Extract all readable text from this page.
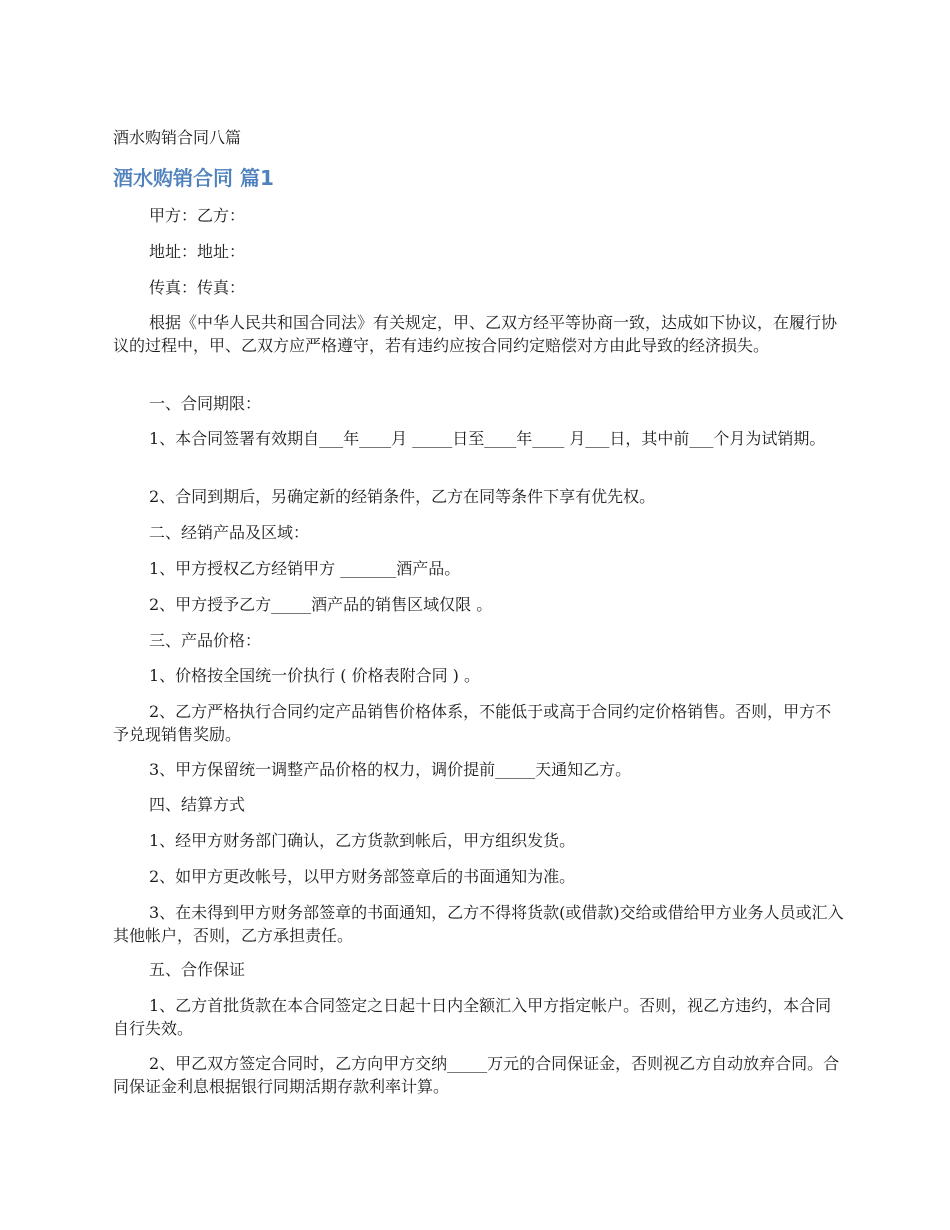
酒水购销合同八篇
酒水购销合同 篇1

甲方：乙方：

地址：地址：

传真：传真：

根据《中华人民共和国合同法》有关规定，甲、乙双方经平等协商一致，达成如下协议，在履行协议的过程中，甲、乙双方应严格遵守，若有违约应按合同约定赔偿对方由此导致的经济损失。

一、合同期限：

1、本合同签署有效期自___年____月 _____日至____年____ 月___日，其中前___个月为试销期。

2、合同到期后，另确定新的经销条件，乙方在同等条件下享有优先权。

二、经销产品及区域：

1、甲方授权乙方经销甲方 _______酒产品。

2、甲方授予乙方_____酒产品的销售区域仅限 。

三、产品价格：

1、价格按全国统一价执行 ( 价格表附合同 ) 。

2、乙方严格执行合同约定产品销售价格体系，不能低于或高于合同约定价格销售。否则，甲方不予兑现销售奖励。

3、甲方保留统一调整产品价格的权力，调价提前_____天通知乙方。

四、结算方式

1、经甲方财务部门确认，乙方货款到帐后，甲方组织发货。

2、如甲方更改帐号，以甲方财务部签章后的书面通知为准。

3、在未得到甲方财务部签章的书面通知，乙方不得将货款(或借款)交给或借给甲方业务人员或汇入其他帐户，否则，乙方承担责任。

五、合作保证

1、乙方首批货款在本合同签定之日起十日内全额汇入甲方指定帐户。否则，视乙方违约，本合同自行失效。

2、甲乙双方签定合同时，乙方向甲方交纳_____万元的合同保证金，否则视乙方自动放弃合同。合同保证金利息根据银行同期活期存款利率计算。
